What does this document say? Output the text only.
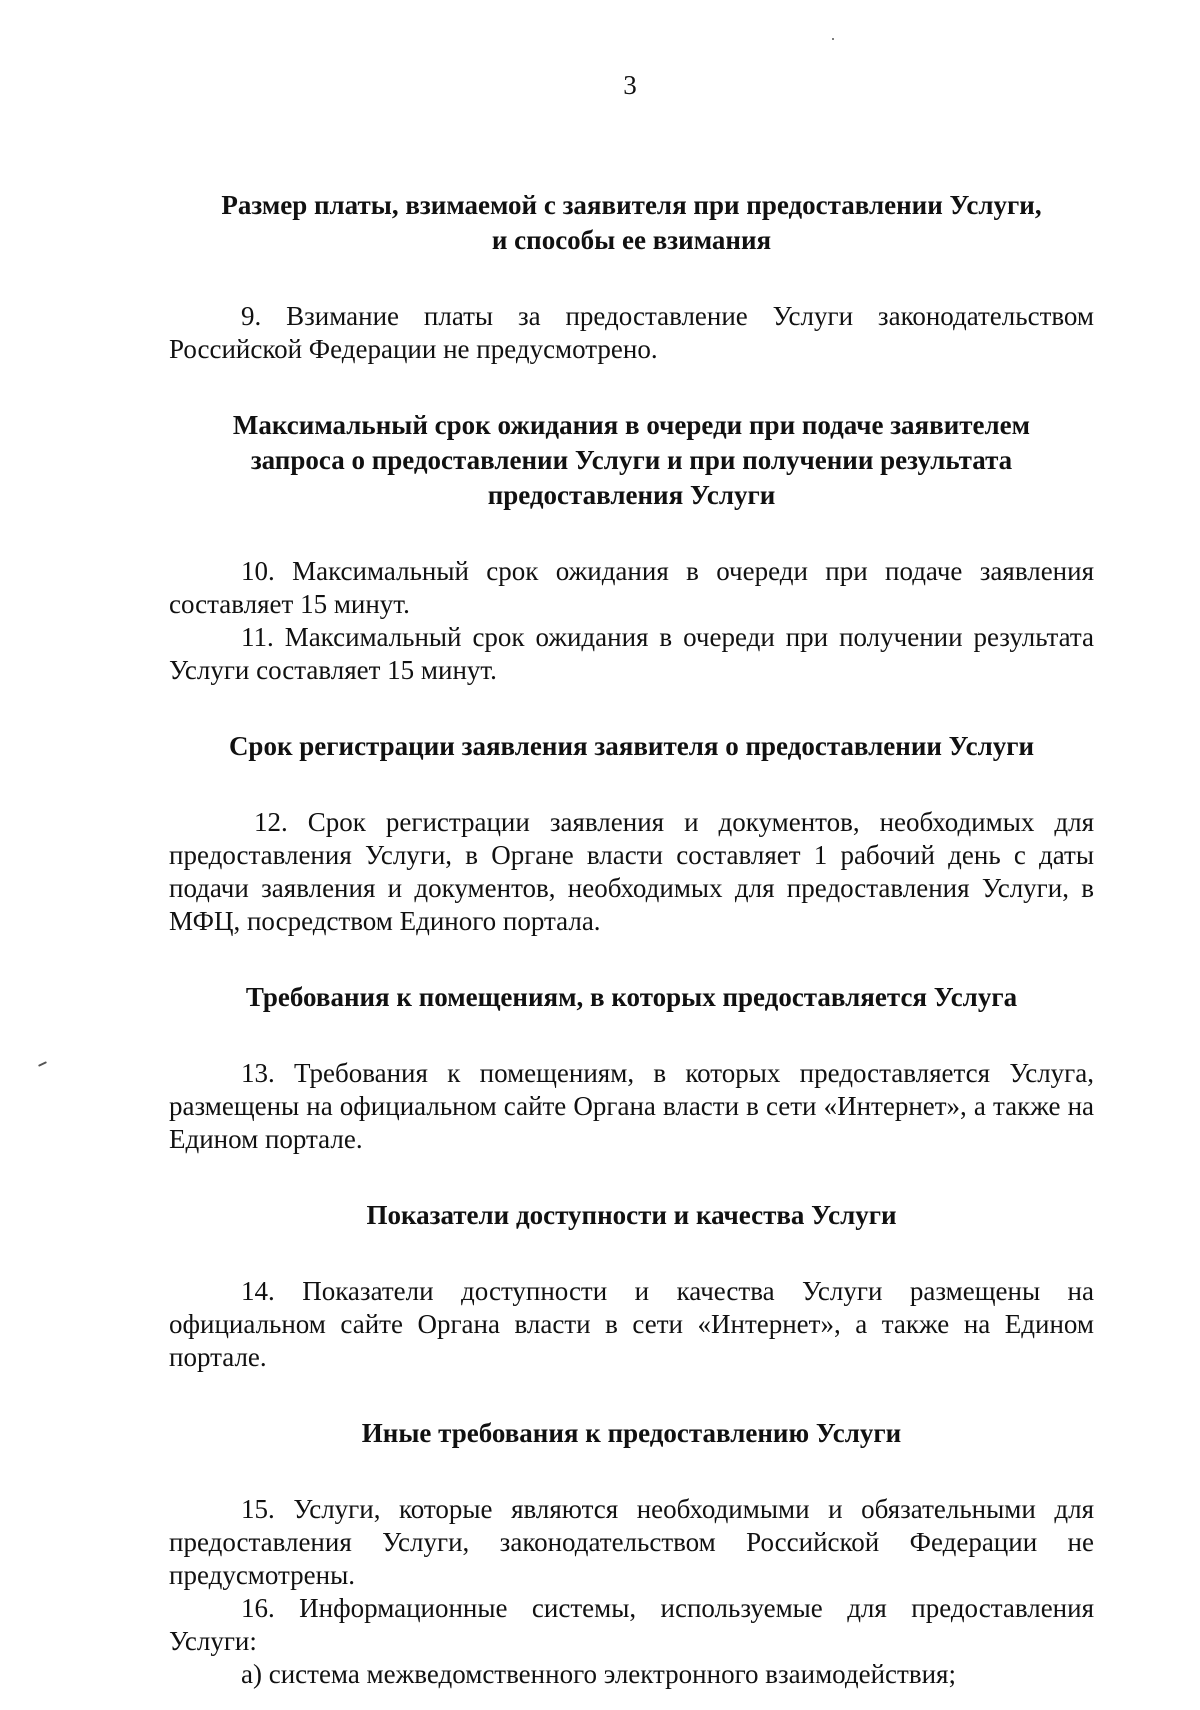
3
Размер платы, взимаемой с заявителя при предоставлении Услуги,
и способы ее взимания

9. Взимание платы за предоставление Услуги законодательством Российской Федерации не предусмотрено.

Максимальный срок ожидания в очереди при подаче заявителем
запроса о предоставлении Услуги и при получении результата
предоставления Услуги

10. Максимальный срок ожидания в очереди при подаче заявления составляет 15 минут.

11. Максимальный срок ожидания в очереди при получении результата Услуги составляет 15 минут.

Срок регистрации заявления заявителя о предоставлении Услуги

12. Срок регистрации заявления и документов, необходимых для предоставления Услуги, в Органе власти составляет 1 рабочий день с даты подачи заявления и документов, необходимых для предоставления Услуги, в МФЦ, посредством Единого портала.

Требования к помещениям, в которых предоставляется Услуга

13. Требования к помещениям, в которых предоставляется Услуга, размещены на официальном сайте Органа власти в сети «Интернет», а также на Едином портале.

Показатели доступности и качества Услуги

14. Показатели доступности и качества Услуги размещены на официальном сайте Органа власти в сети «Интернет», а также на Едином портале.

Иные требования к предоставлению Услуги

15. Услуги, которые являются необходимыми и обязательными для предоставления Услуги, законодательством Российской Федерации не предусмотрены.

16. Информационные системы, используемые для предоставления Услуги:

а) система межведомственного электронного взаимодействия;
